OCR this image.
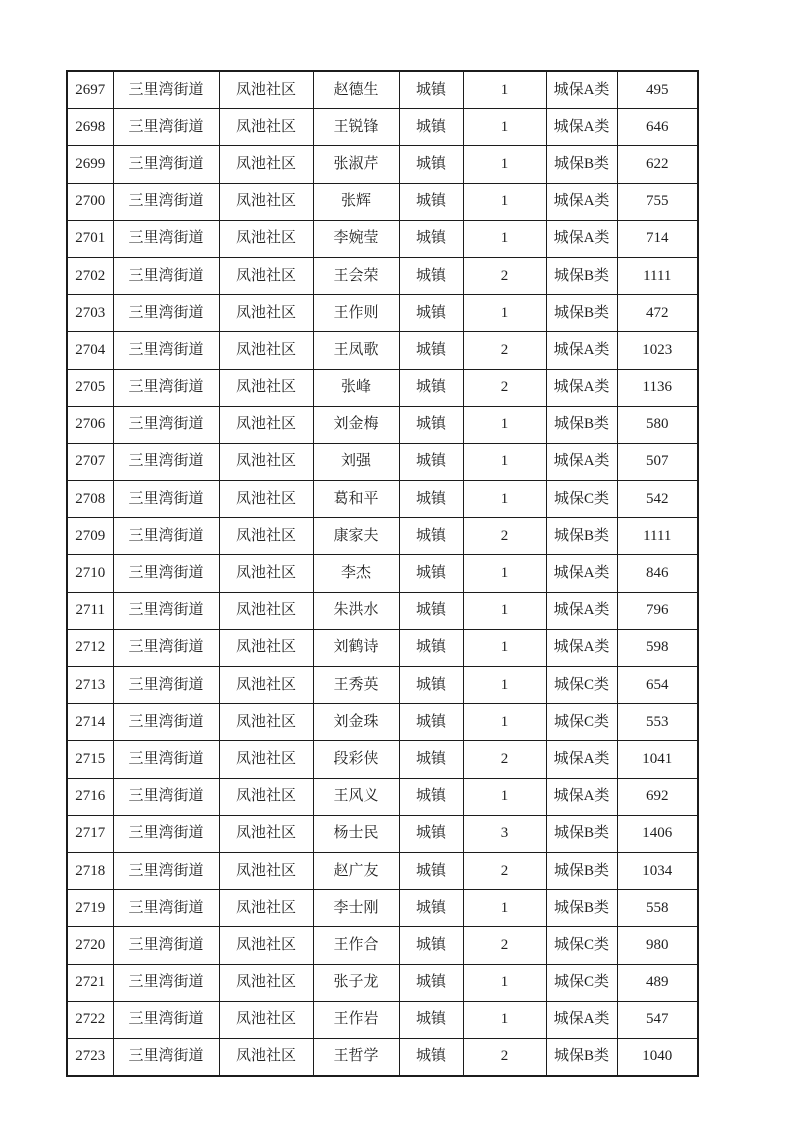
2697	三里湾街道	凤池社区	赵德生	城镇	1	城保A类	495
2698	三里湾街道	凤池社区	王锐锋	城镇	1	城保A类	646
2699	三里湾街道	凤池社区	张淑芹	城镇	1	城保B类	622
2700	三里湾街道	凤池社区	张辉	城镇	1	城保A类	755
2701	三里湾街道	凤池社区	李婉莹	城镇	1	城保A类	714
2702	三里湾街道	凤池社区	王会荣	城镇	2	城保B类	1111
2703	三里湾街道	凤池社区	王作则	城镇	1	城保B类	472
2704	三里湾街道	凤池社区	王凤歌	城镇	2	城保A类	1023
2705	三里湾街道	凤池社区	张峰	城镇	2	城保A类	1136
2706	三里湾街道	凤池社区	刘金梅	城镇	1	城保B类	580
2707	三里湾街道	凤池社区	刘强	城镇	1	城保A类	507
2708	三里湾街道	凤池社区	葛和平	城镇	1	城保C类	542
2709	三里湾街道	凤池社区	康家夫	城镇	2	城保B类	1111
2710	三里湾街道	凤池社区	李杰	城镇	1	城保A类	846
2711	三里湾街道	凤池社区	朱洪水	城镇	1	城保A类	796
2712	三里湾街道	凤池社区	刘鹤诗	城镇	1	城保A类	598
2713	三里湾街道	凤池社区	王秀英	城镇	1	城保C类	654
2714	三里湾街道	凤池社区	刘金珠	城镇	1	城保C类	553
2715	三里湾街道	凤池社区	段彩侠	城镇	2	城保A类	1041
2716	三里湾街道	凤池社区	王风义	城镇	1	城保A类	692
2717	三里湾街道	凤池社区	杨士民	城镇	3	城保B类	1406
2718	三里湾街道	凤池社区	赵广友	城镇	2	城保B类	1034
2719	三里湾街道	凤池社区	李士刚	城镇	1	城保B类	558
2720	三里湾街道	凤池社区	王作合	城镇	2	城保C类	980
2721	三里湾街道	凤池社区	张子龙	城镇	1	城保C类	489
2722	三里湾街道	凤池社区	王作岩	城镇	1	城保A类	547
2723	三里湾街道	凤池社区	王哲学	城镇	2	城保B类	1040
